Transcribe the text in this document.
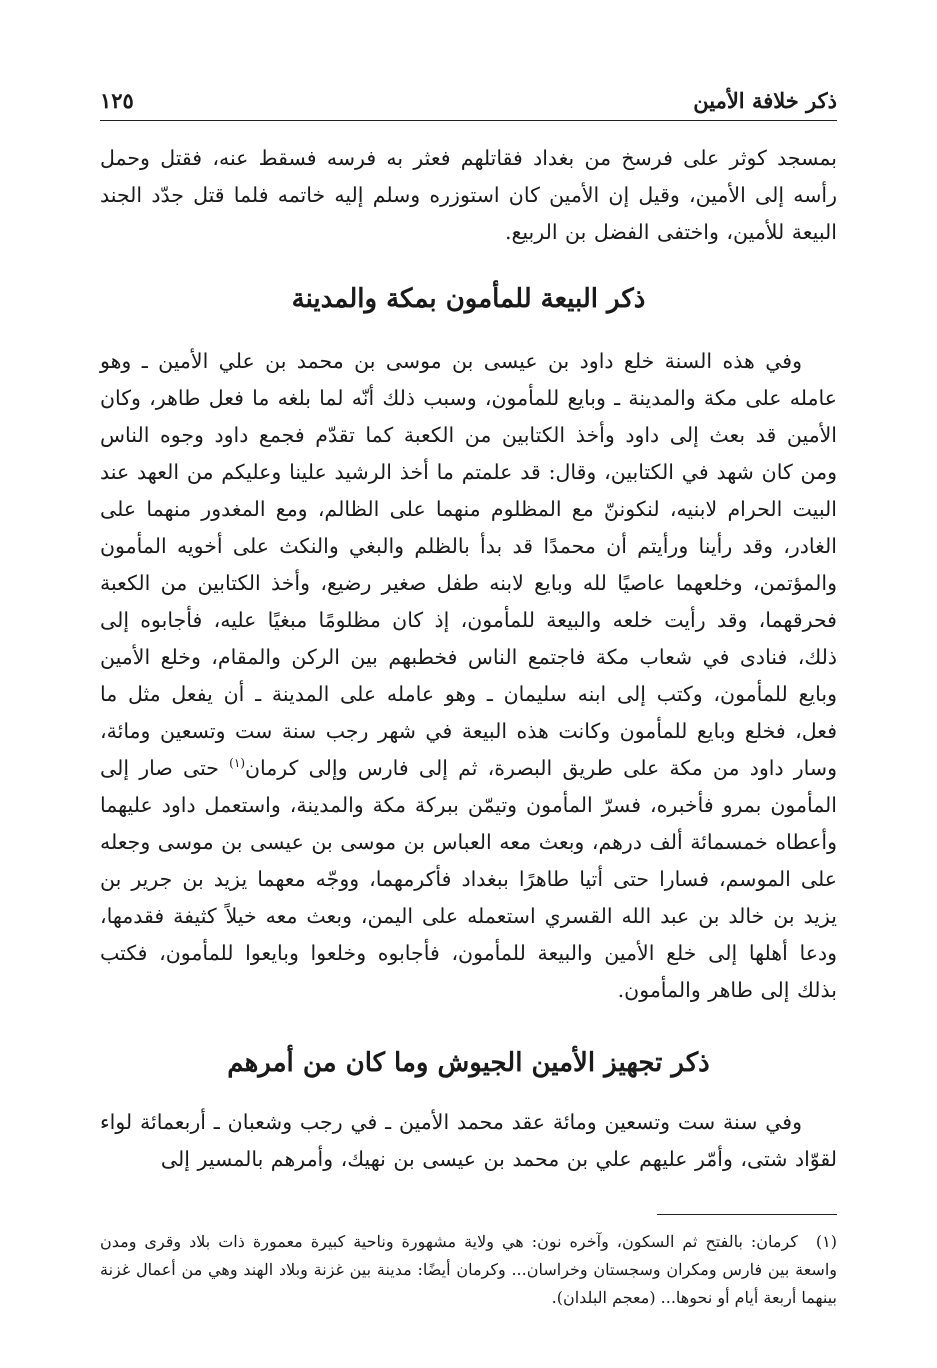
ذكر خلافة الأمين
١٢٥

بمسجد كوثر على فرسخ من بغداد فقاتلهم فعثر به فرسه فسقط عنه، فقتل وحمل رأسه إلى الأمين، وقيل إن الأمين كان استوزره وسلم إليه خاتمه فلما قتل جدّد الجند البيعة للأمين، واختفى الفضل بن الربيع.

ذكر البيعة للمأمون بمكة والمدينة

وفي هذه السنة خلع داود بن عيسى بن موسى بن محمد بن علي الأمين ـ وهو عامله على مكة والمدينة ـ وبايع للمأمون، وسبب ذلك أنّه لما بلغه ما فعل طاهر، وكان الأمين قد بعث إلى داود وأخذ الكتابين من الكعبة كما تقدّم فجمع داود وجوه الناس ومن كان شهد في الكتابين، وقال: قد علمتم ما أخذ الرشيد علينا وعليكم من العهد عند البيت الحرام لابنيه، لنكوننّ مع المظلوم منهما على الظالم، ومع المغدور منهما على الغادر، وقد رأينا ورأيتم أن محمدًا قد بدأ بالظلم والبغي والنكث على أخويه المأمون والمؤتمن، وخلعهما عاصيًا لله وبايع لابنه طفل صغير رضيع، وأخذ الكتابين من الكعبة فحرقهما، وقد رأيت خلعه والبيعة للمأمون، إذ كان مظلومًا مبغيًا عليه، فأجابوه إلى ذلك، فنادى في شعاب مكة فاجتمع الناس فخطبهم بين الركن والمقام، وخلع الأمين وبايع للمأمون، وكتب إلى ابنه سليمان ـ وهو عامله على المدينة ـ أن يفعل مثل ما فعل، فخلع وبايع للمأمون وكانت هذه البيعة في شهر رجب سنة ست وتسعين ومائة، وسار داود من مكة على طريق البصرة، ثم إلى فارس وإلى كرمان$^{(١)}$ حتى صار إلى المأمون بمرو فأخبره، فسرّ المأمون وتيمّن ببركة مكة والمدينة، واستعمل داود عليهما وأعطاه خمسمائة ألف درهم، وبعث معه العباس بن موسى بن عيسى بن موسى وجعله على الموسم، فسارا حتى أتيا طاهرًا ببغداد فأكرمهما، ووجّه معهما يزيد بن جرير بن يزيد بن خالد بن عبد الله القسري استعمله على اليمن، وبعث معه خيلاً كثيفة فقدمها، ودعا أهلها إلى خلع الأمين والبيعة للمأمون، فأجابوه وخلعوا وبايعوا للمأمون، فكتب بذلك إلى طاهر والمأمون.

ذكر تجهيز الأمين الجيوش وما كان من أمرهم

وفي سنة ست وتسعين ومائة عقد محمد الأمين ـ في رجب وشعبان ـ أربعمائة لواء لقوّاد شتى، وأمّر عليهم علي بن محمد بن عيسى بن نهيك، وأمرهم بالمسير إلى

(١) كرمان: بالفتح ثم السكون، وآخره نون: هي ولاية مشهورة وناحية كبيرة معمورة ذات بلاد وقرى ومدن واسعة بين فارس ومكران وسجستان وخراسان... وكرمان أيضًا: مدينة بين غزنة وبلاد الهند وهي من أعمال غزنة بينهما أربعة أيام أو نحوها... (معجم البلدان).
